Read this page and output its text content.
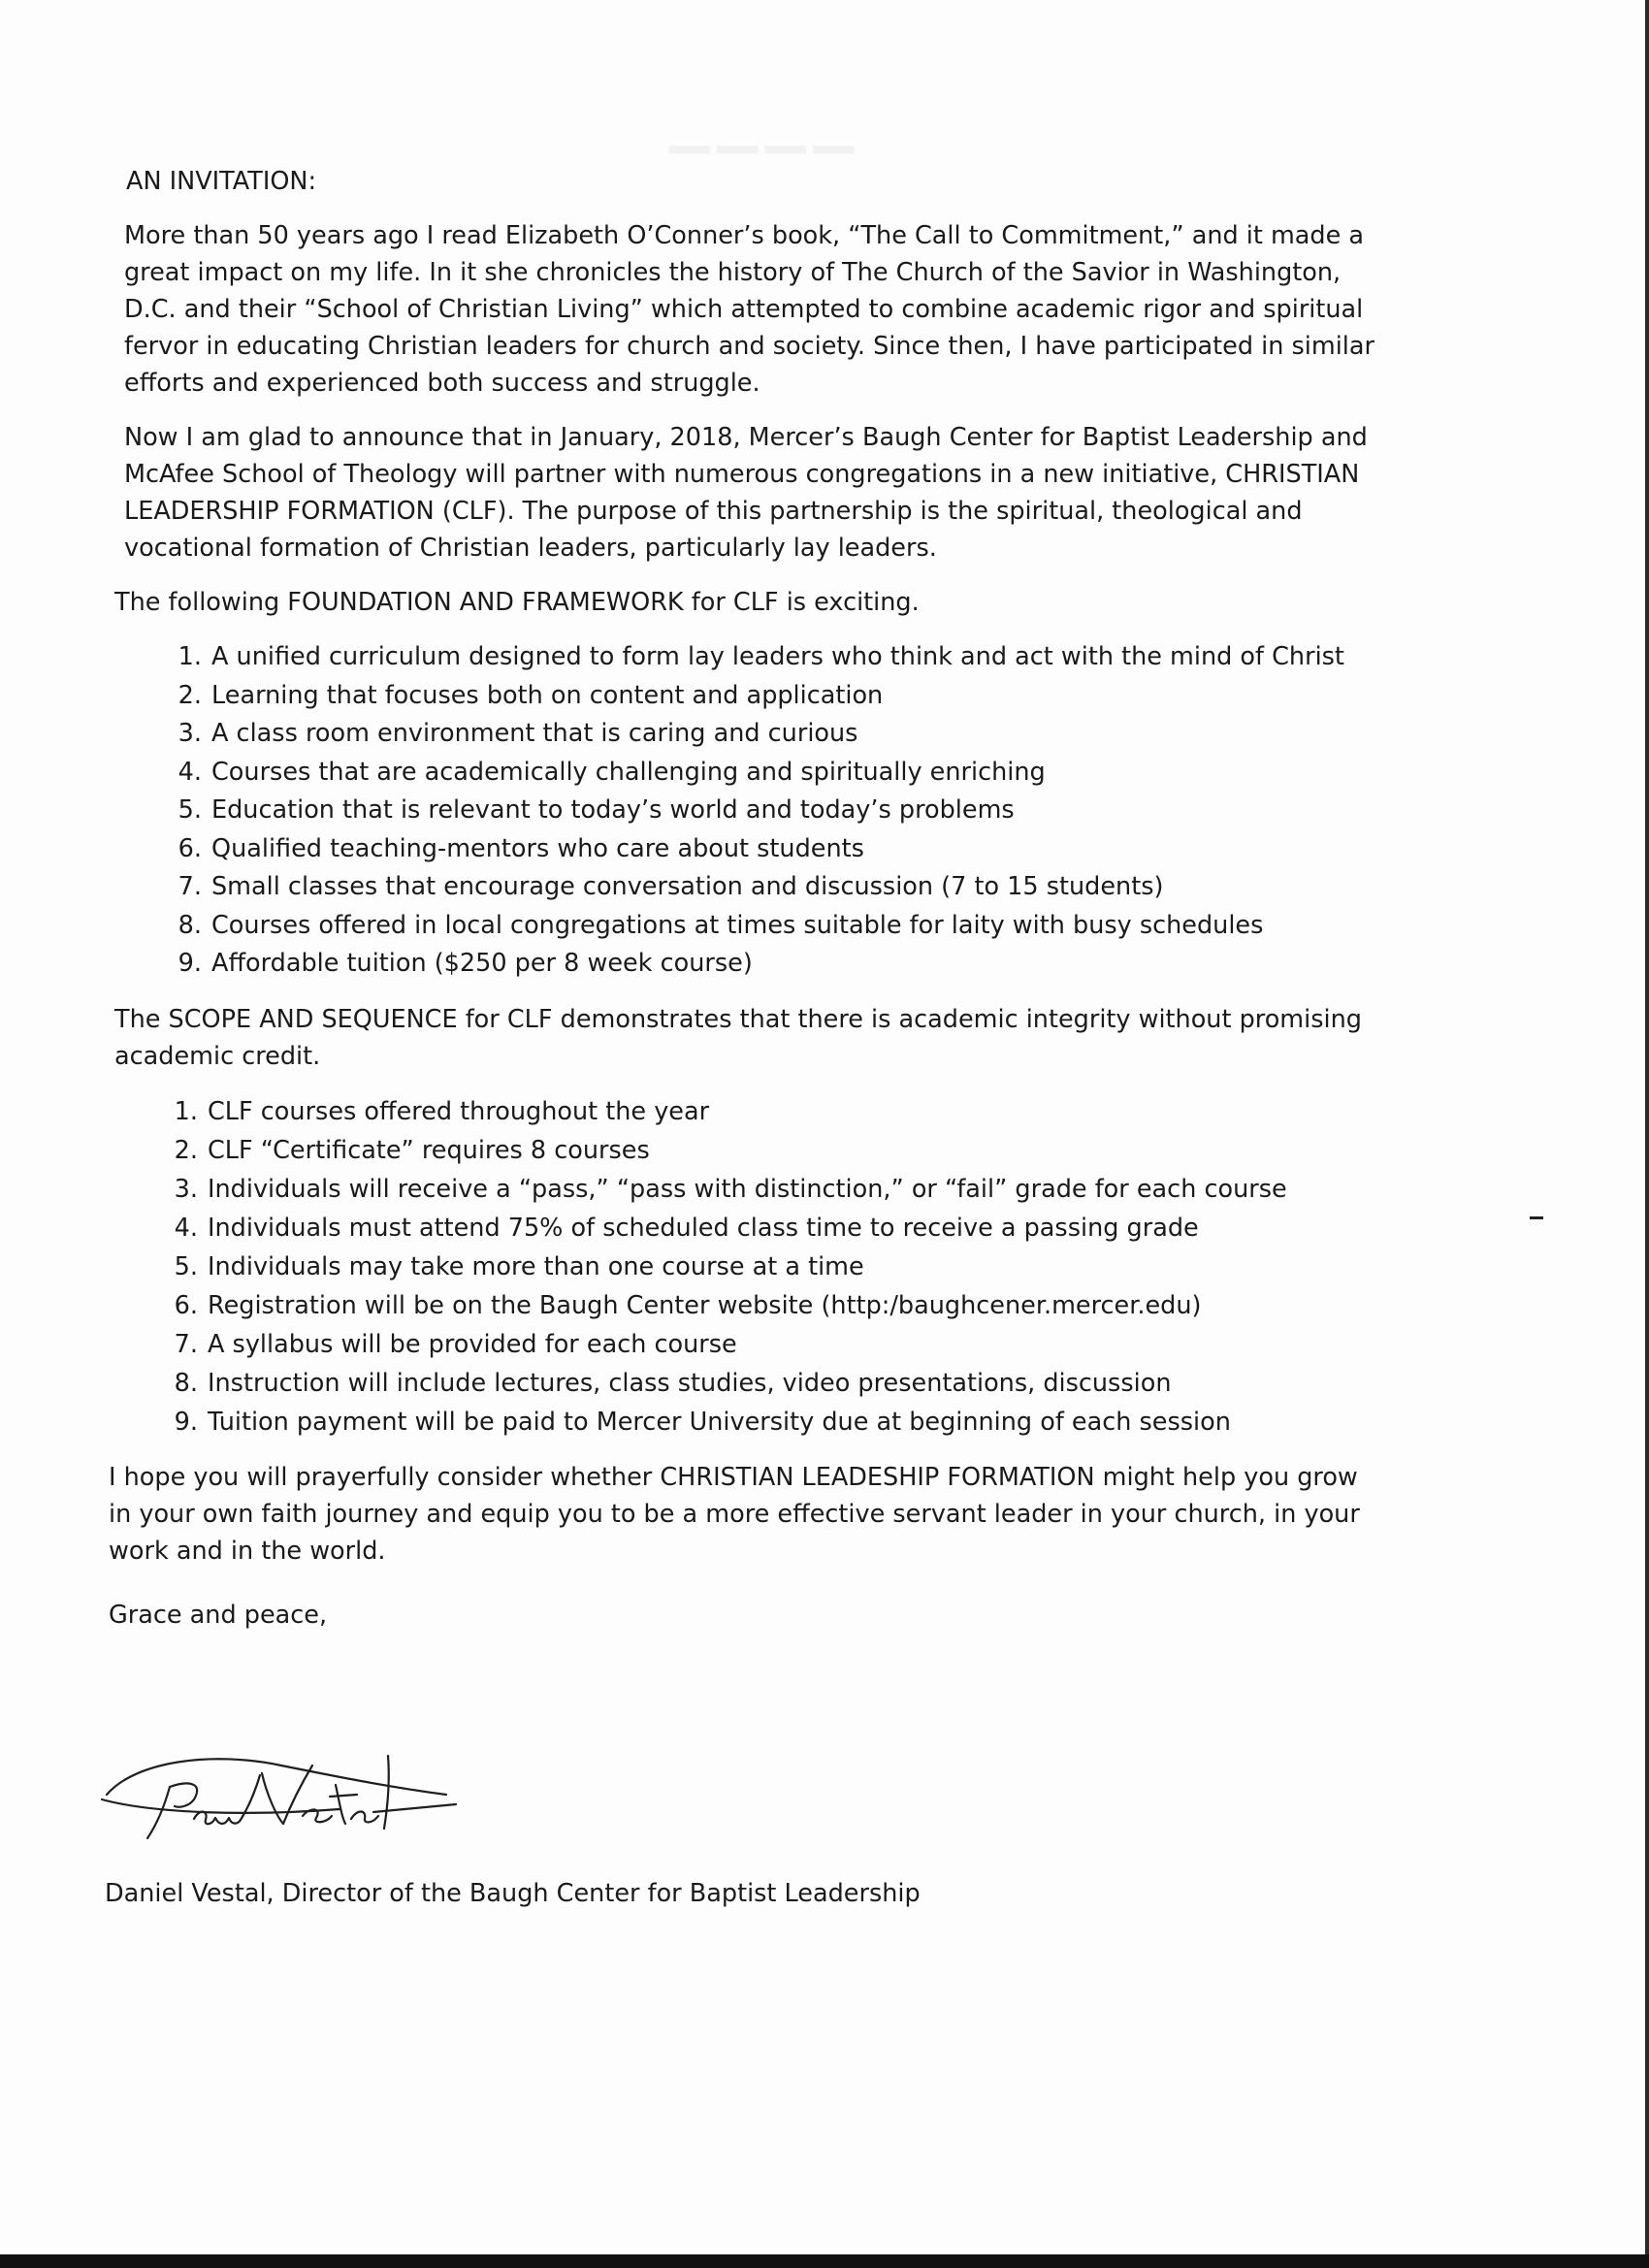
▁▁▁▁
AN INVITATION:

More than 50 years ago I read Elizabeth O’Conner’s book, “The Call to Commitment,” and it made a great impact on my life. In it she chronicles the history of The Church of the Savior in Washington, D.C. and their “School of Christian Living” which attempted to combine academic rigor and spiritual fervor in educating Christian leaders for church and society. Since then, I have participated in similar efforts and experienced both success and struggle.

Now I am glad to announce that in January, 2018, Mercer’s Baugh Center for Baptist Leadership and McAfee School of Theology will partner with numerous congregations in a new initiative, CHRISTIAN LEADERSHIP FORMATION (CLF). The purpose of this partnership is the spiritual, theological and vocational formation of Christian leaders, particularly lay leaders.

The following FOUNDATION AND FRAMEWORK for CLF is exciting.

1. A unified curriculum designed to form lay leaders who think and act with the mind of Christ
2. Learning that focuses both on content and application
3. A class room environment that is caring and curious
4. Courses that are academically challenging and spiritually enriching
5. Education that is relevant to today’s world and today’s problems
6. Qualified teaching-mentors who care about students
7. Small classes that encourage conversation and discussion (7 to 15 students)
8. Courses offered in local congregations at times suitable for laity with busy schedules
9. Affordable tuition ($250 per 8 week course)

The SCOPE AND SEQUENCE for CLF demonstrates that there is academic integrity without promising academic credit.

1. CLF courses offered throughout the year
2. CLF “Certificate” requires 8 courses
3. Individuals will receive a “pass,” “pass with distinction,” or “fail” grade for each course
4. Individuals must attend 75% of scheduled class time to receive a passing grade
5. Individuals may take more than one course at a time
6. Registration will be on the Baugh Center website (http:/baughcener.mercer.edu)
7. A syllabus will be provided for each course
8. Instruction will include lectures, class studies, video presentations, discussion
9. Tuition payment will be paid to Mercer University due at beginning of each session

I hope you will prayerfully consider whether CHRISTIAN LEADESHIP FORMATION might help you grow in your own faith journey and equip you to be a more effective servant leader in your church, in your work and in the world.

Grace and peace,
Daniel Vestal, Director of the Baugh Center for Baptist Leadership
